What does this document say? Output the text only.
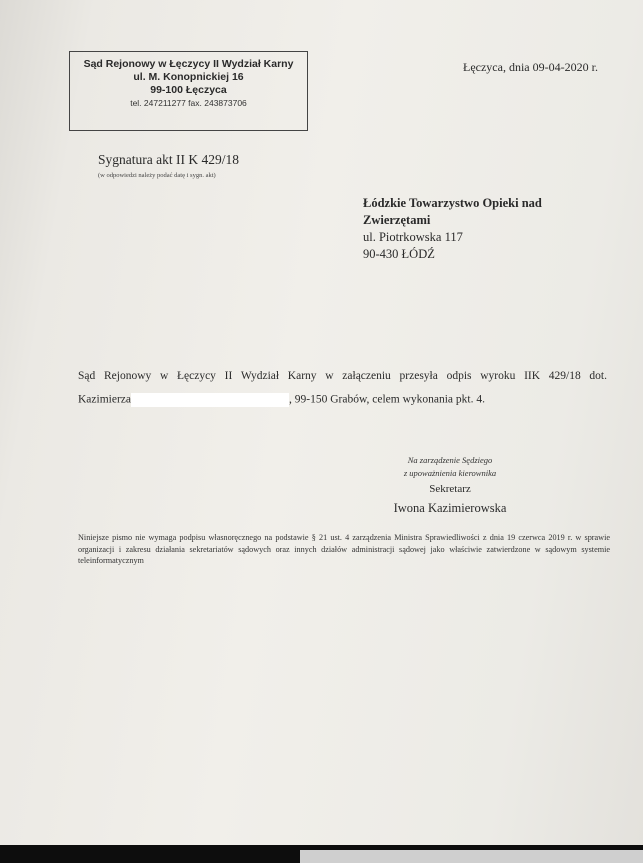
Sąd Rejonowy w Łęczycy II Wydział Karny
ul. M. Konopnickiej 16
99-100 Łęczyca
tel. 247211277 fax. 243873706
Łęczyca, dnia 09-04-2020 r.
Sygnatura akt II K 429/18
(w odpowiedzi należy podać datę i sygn. akt)
Łódzkie Towarzystwo Opieki nad
Zwierzętami
ul. Piotrkowska 117
90-430 ŁÓDŹ
Sąd Rejonowy w Łęczycy II Wydział Karny w załączeniu przesyła odpis wyroku IIK 429/18 dot.
Kazimierza	, 99-150 Grabów, celem wykonania pkt. 4.
Na zarządzenie Sędziego
z upoważnienia kierownika
Sekretarz
Iwona Kazimierowska
Niniejsze pismo nie wymaga podpisu własnoręcznego na podstawie § 21 ust. 4 zarządzenia Ministra Sprawiedliwości z dnia 19 czerwca 2019 r. w sprawie organizacji i zakresu działania sekretariatów sądowych oraz innych działów administracji sądowej jako właściwie zatwierdzone w sądowym systemie teleinformatycznym
